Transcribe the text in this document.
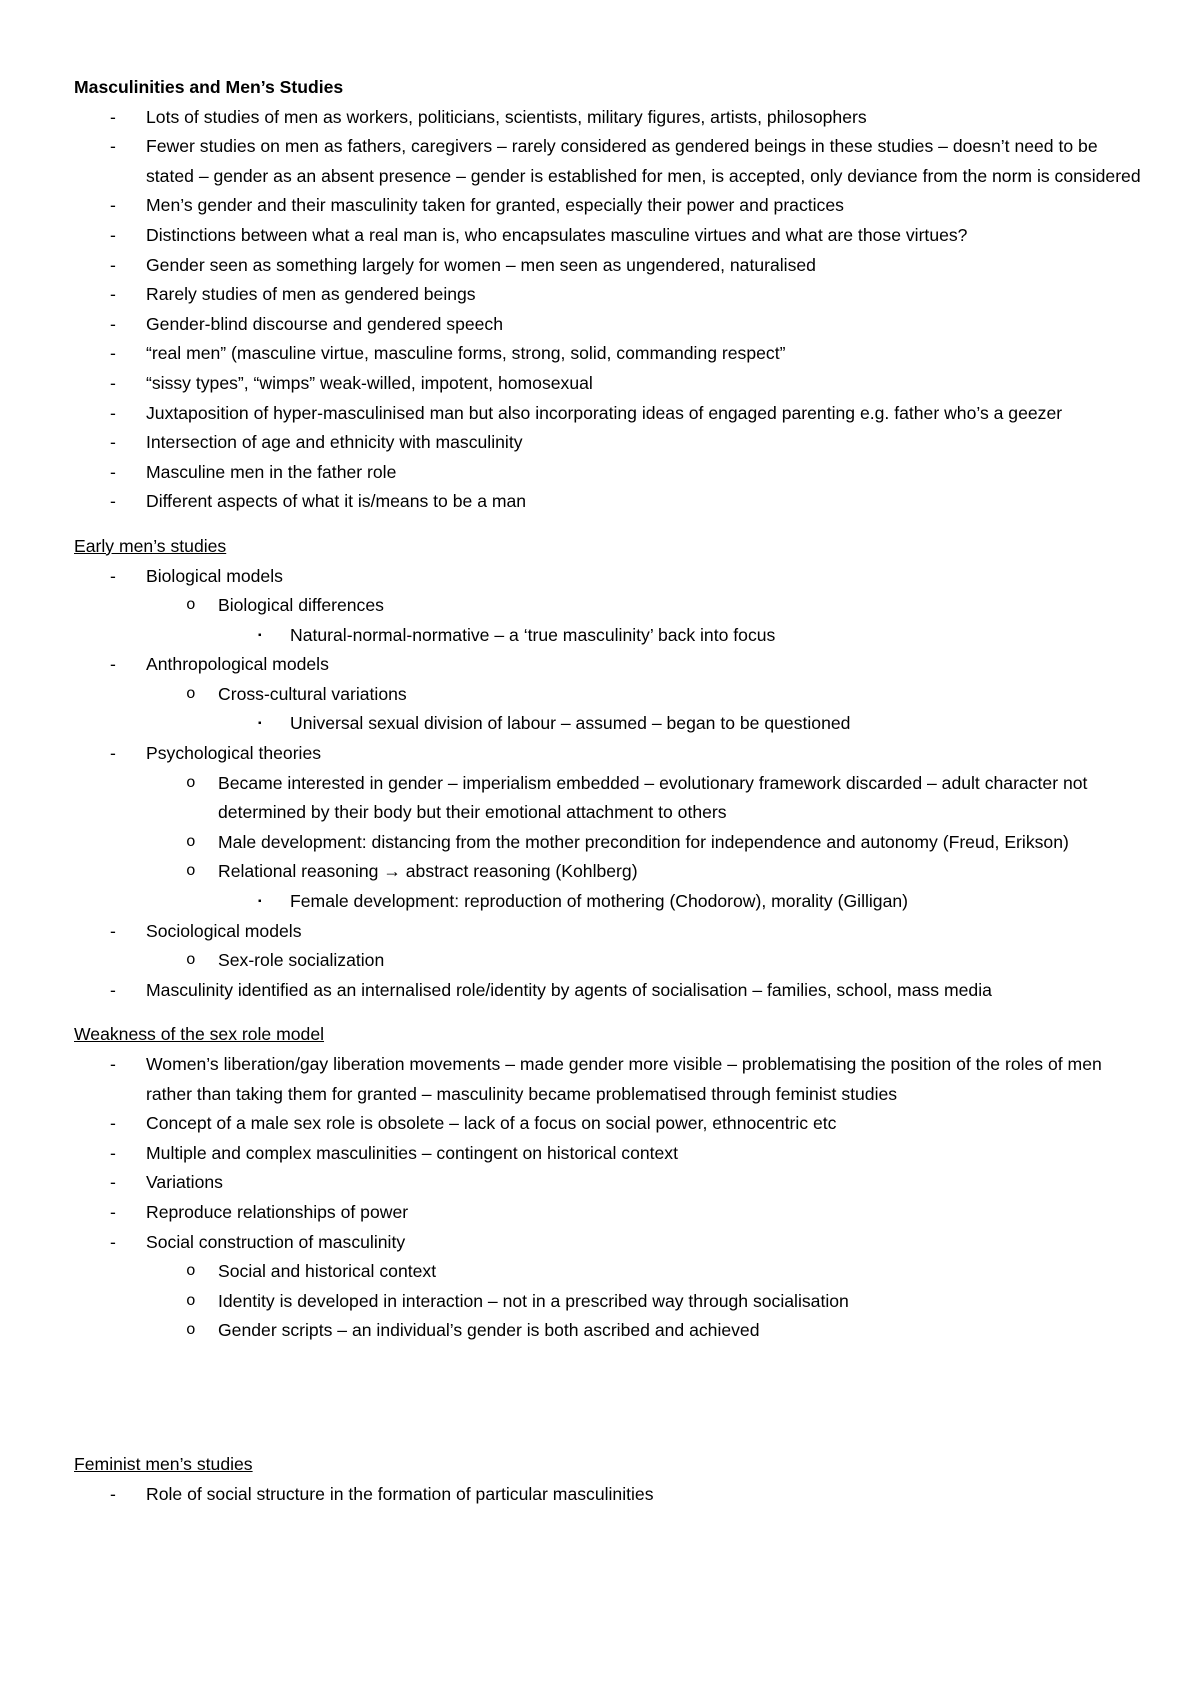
Masculinities and Men’s Studies

- Lots of studies of men as workers, politicians, scientists, military figures, artists, philosophers
- Fewer studies on men as fathers, caregivers – rarely considered as gendered beings in these studies – doesn’t need to be stated – gender as an absent presence – gender is established for men, is accepted, only deviance from the norm is considered
- Men’s gender and their masculinity taken for granted, especially their power and practices
- Distinctions between what a real man is, who encapsulates masculine virtues and what are those virtues?
- Gender seen as something largely for women – men seen as ungendered, naturalised
- Rarely studies of men as gendered beings
- Gender-blind discourse and gendered speech
- “real men” (masculine virtue, masculine forms, strong, solid, commanding respect”
- “sissy types”, “wimps” weak-willed, impotent, homosexual
- Juxtaposition of hyper-masculinised man but also incorporating ideas of engaged parenting e.g. father who’s a geezer
- Intersection of age and ethnicity with masculinity
- Masculine men in the father role
- Different aspects of what it is/means to be a man

Early men’s studies

- Biological models
o Biological differences
▪ Natural-normal-normative – a ‘true masculinity’ back into focus
- Anthropological models
o Cross-cultural variations
▪ Universal sexual division of labour – assumed – began to be questioned
- Psychological theories
o Became interested in gender – imperialism embedded – evolutionary framework discarded – adult character not determined by their body but their emotional attachment to others
o Male development: distancing from the mother precondition for independence and autonomy (Freud, Erikson)
o Relational reasoning → abstract reasoning (Kohlberg)
▪ Female development: reproduction of mothering (Chodorow), morality (Gilligan)
- Sociological models
o Sex-role socialization
- Masculinity identified as an internalised role/identity by agents of socialisation – families, school, mass media

Weakness of the sex role model

- Women’s liberation/gay liberation movements – made gender more visible – problematising the position of the roles of men rather than taking them for granted – masculinity became problematised through feminist studies
- Concept of a male sex role is obsolete – lack of a focus on social power, ethnocentric etc
- Multiple and complex masculinities – contingent on historical context
- Variations
- Reproduce relationships of power
- Social construction of masculinity
o Social and historical context
o Identity is developed in interaction – not in a prescribed way through socialisation
o Gender scripts – an individual’s gender is both ascribed and achieved

Feminist men’s studies

- Role of social structure in the formation of particular masculinities
